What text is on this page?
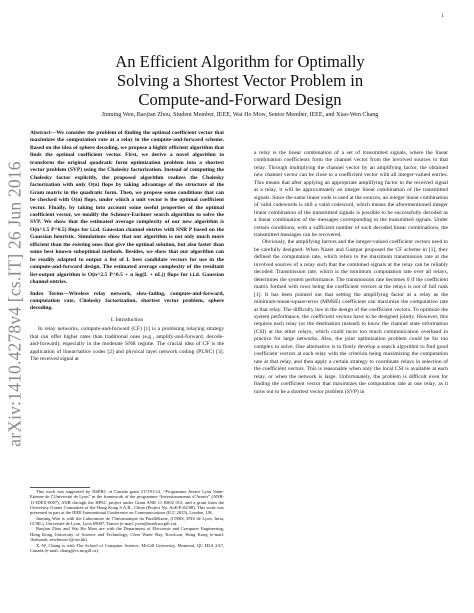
1
arXiv:1410.4278v4 [cs.IT] 26 Jun 2016
An Efficient Algorithm for Optimally
Solving a Shortest Vector Problem in
Compute-and-Forward Design
Jinming Wen, Baojian Zhou, Student Member, IEEE, Wai Ho Mow, Senior Member, IEEE, and Xiao-Wen Chang

Abstract—We consider the problem of finding the optimal coefficient vector that maximizes the computation rate at a relay in the compute-and-forward scheme. Based on the idea of sphere decoding, we propose a highly efficient algorithm that finds the optimal coefficient vector. First, we derive a novel algorithm to transform the original quadratic form optimization problem into a shortest vector problem (SVP) using the Cholesky factorization. Instead of computing the Cholesky factor explicitly, the proposed algorithm realizes the Cholesky factorization with only O(n) flops by taking advantage of the structure of the Gram matrix in the quadratic form. Then, we propose some conditions that can be checked with O(n) flops, under which a unit vector is the optimal coefficient vector. Finally, by taking into account some useful properties of the optimal coefficient vector, we modify the Schnorr-Euchner search algorithm to solve the SVP. We show that the estimated average complexity of our new algorithm is O(n^1.5 P^0.5) flops for i.i.d. Gaussian channel entries with SNR P based on the Gaussian heuristic. Simulations show that our algorithm is not only much more efficient than the existing ones that give the optimal solution, but also faster than some best known suboptimal methods. Besides, we show that our algorithm can be readily adapted to output a list of L best candidate vectors for use in the compute-and-forward design. The estimated average complexity of the resultant list-output algorithm is O(n^2.5 P^0.5 + n log(L + nL)) flops for i.i.d. Gaussian channel entries.

Index Terms—Wireless relay network, slow-fading, compute-and-forward, computation rate, Cholesky factorization, shortest vector problem, sphere decoding.

I. Introduction

In relay networks, compute-and-forward (CF) [1] is a promising relaying strategy that can offer higher rates than traditional ones (e.g., amplify-and-forward, decode-and-forward), especially in the moderate SNR regime. The crucial idea of CF is the application of linear/lattice codes [2] and physical layer network coding (PLNC) [3]. The received signal at

This work was supported by NSERC of Canada grant 217191-12, “Programme Avenir Lyon Saint-Etienne de l’Université de Lyon” in the framework of the programme “Inverstissements d’Avenir” (ANR-11-IDEX-0007), ANR through the HPAC project under Grant ANR 11 BS02 013, and a grant from the University Grants Committee of the Hong Kong S.A.R., China (Project No. AoE/E-02/08). This work was presented in part at the IEEE International Conference on Communications (ICC 2015), London, UK.

Jinming Wen is with the Laboratoire de l’Informatique du Parallélisme, (CNRS, ENS de Lyon, Inria, UCBL), Université de Lyon, Lyon 69007, France (e-mail: jwen@math.mcgill.ca).

Baojian Zhou and Wai Ho Mow are with the Department of Electronic and Computer Engineering, Hong Kong University of Science and Technology, Clear Water Bay, Kowloon, Hong Kong (e-mail: {bzhouab, eewhmow}@ust.hk).

X.-W. Chang is with The School of Computer Science, McGill University, Montreal, QC H3A 2A7, Canada (e-mail: chang@cs.mcgill.ca).

a relay is the linear combination of a set of transmitted signals, where the linear combination coefficients form the channel vector from the involved sources to that relay. Through multiplying the channel vector by an amplifying factor, the obtained new channel vector can be close to a coefficient vector with all integer-valued entries. This means that after applying an appropriate amplifying factor to the received signal at a relay, it will be approximately an integer linear combination of the transmitted signals. Since the same linear code is used at the sources, an integer linear combination of valid codewords is still a valid codeword, which means the aforementioned integer linear combination of the transmitted signals is possible to be successfully decoded as a linear combination of the messages corresponding to the transmitted signals. Under certain conditions, with a sufficient number of such decoded linear combinations, the transmitted messages can be recovered.

Obviously, the amplifying factors and the integer-valued coefficient vectors need to be carefully designed. When Nazer and Gastpar proposed the CF scheme in [1], they defined the computation rate, which refers to the maximum transmission rate at the involved sources of a relay such that the combined signals at the relay can be reliably decoded. Transmission rate, which is the minimum computation rate over all relays, determines the system performance. The transmission rate becomes 0 if the coefficient matrix formed with rows being the coefficient vectors at the relays is not of full rank [1]. It has been pointed out that setting the amplifying factor at a relay as the minimum-mean-square-error (MMSE) coefficient can maximize the computation rate at that relay. The difficulty lies in the design of the coefficient vectors. To optimize the system performance, the coefficient vectors have to be designed jointly. However, this requires each relay (or the destination instead) to know the channel state information (CSI) at the other relays, which could incur too much communication overhead in practice for large networks. Also, the joint optimization problem could be far too complex to solve. One alternative is to firstly develop a search algorithm to find good coefficient vectors at each relay with the criterion being maximizing the computation rate at that relay, and then apply a certain strategy to coordinate relays in selection of the coefficient vectors. This is reasonable when only the local CSI is available at each relay, or when the network is large. Unfortunately, the problem is difficult even for finding the coefficient vector that maximizes the computation rate at one relay, as it turns out to be a shortest vector problem (SVP) in
